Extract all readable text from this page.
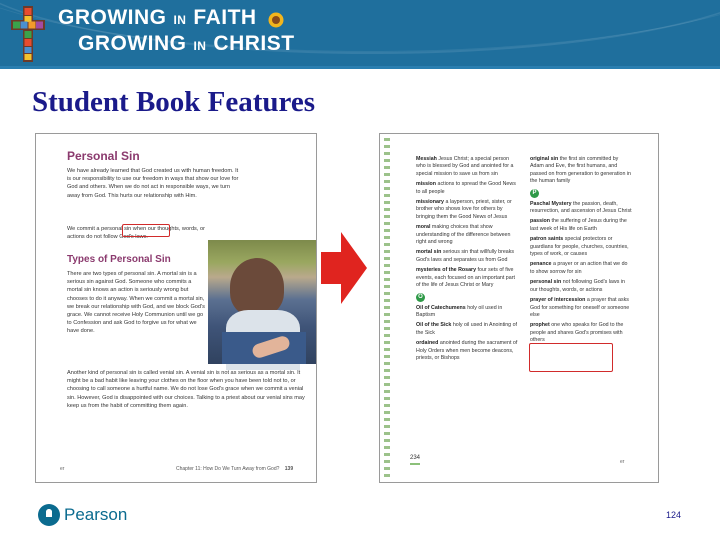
GROWING IN FAITH
GROWING IN CHRIST
Student Book Features
Personal Sin
We have already learned that God created us with human freedom. It is our responsibility to use our freedom in ways that show our love for God and others. When we do not act in responsible ways, we turn away from God. This hurts our relationship with Him.
We commit a personal sin when our thoughts, words, or actions do not follow God's laws.
Types of Personal Sin
There are two types of personal sin. A mortal sin is a serious sin against God. Someone who commits a mortal sin knows an action is seriously wrong but chooses to do it anyway. When we commit a mortal sin, we break our relationship with God, and we block God's grace. We cannot receive Holy Communion until we go to Confession and ask God to forgive us for what we have done.
Another kind of personal sin is called venial sin. A venial sin is not as serious as a mortal sin. It might be a bad habit like leaving your clothes on the floor when you have been told not to, or choosing to call someone a hurtful name. We do not lose God's grace when we commit a venial sin. However, God is disappointed with our choices. Talking to a priest about our venial sins may keep us from the habit of committing them again.
er	Chapter 11: How Do We Turn Away from God? 139
Messiah Jesus Christ; a special person who is blessed by God and anointed for a special mission to save us from sin
mission actions to spread the Good News to all people
missionary a layperson, priest, sister, or brother who shows love for others by bringing them the Good News of Jesus
moral making choices that show understanding of the difference between right and wrong
mortal sin serious sin that willfully breaks God's laws and separates us from God
mysteries of the Rosary four sets of five events, each focused on an important part of the life of Jesus Christ or Mary
O
Oil of Catechumens holy oil used in Baptism
Oil of the Sick holy oil used in Anointing of the Sick
ordained anointed during the sacrament of Holy Orders when men become deacons, priests, or Bishops
original sin the first sin committed by Adam and Eve, the first humans, and passed on from generation to generation in the human family
P
Paschal Mystery the passion, death, resurrection, and ascension of Jesus Christ
passion the suffering of Jesus during the last week of His life on Earth
patron saints special protectors or guardians for people, churches, countries, types of work, or causes
penance a prayer or an action that we do to show sorrow for sin
personal sin not following God's laws in our thoughts, words, or actions
prayer of intercession a prayer that asks God for something for oneself or someone else
prophet one who speaks for God to the people and shares God's promises with others
234
er
Pearson	124
